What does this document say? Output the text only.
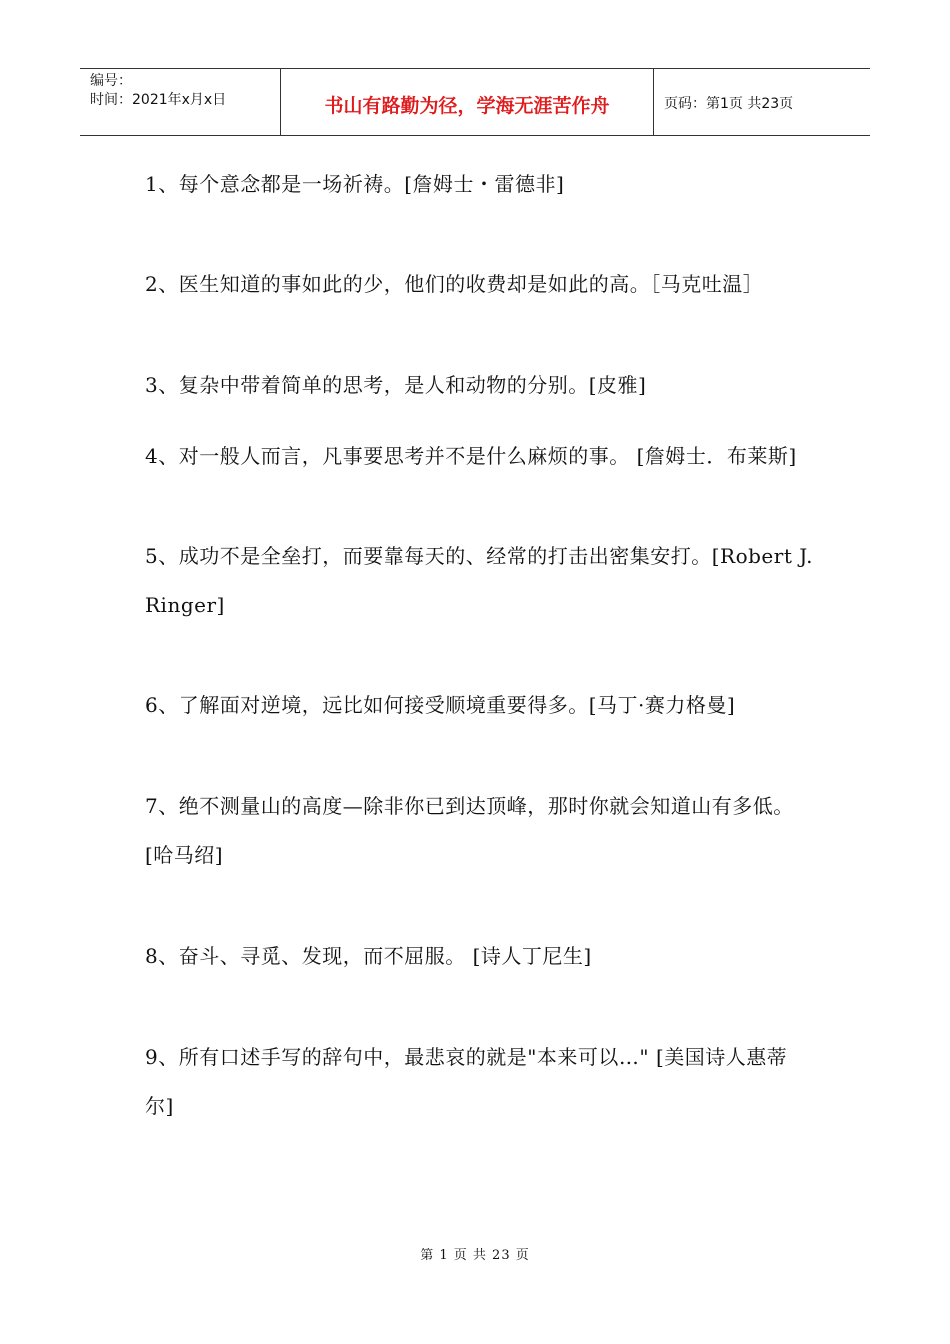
编号：
时间：2021年x月x日	书山有路勤为径，学海无涯苦作舟	页码：第1页 共23页

1、每个意念都是一场祈祷。[詹姆士・雷德非]

2、医生知道的事如此的少，他们的收费却是如此的高。［马克吐温］

3、复杂中带着简单的思考，是人和动物的分别。[皮雅]

4、对一般人而言，凡事要思考并不是什么麻烦的事。 [詹姆士．布莱斯]

5、成功不是全垒打，而要靠每天的、经常的打击出密集安打。[Robert J. Ringer]

6、了解面对逆境，远比如何接受顺境重要得多。[马丁·赛力格曼]

7、绝不测量山的高度—除非你已到达顶峰，那时你就会知道山有多低。 [哈马绍]

8、奋斗、寻觅、发现，而不屈服。 [诗人丁尼生]

9、所有口述手写的辞句中，最悲哀的就是"本来可以…" [美国诗人惠蒂尔]

第 1 页 共 23 页
